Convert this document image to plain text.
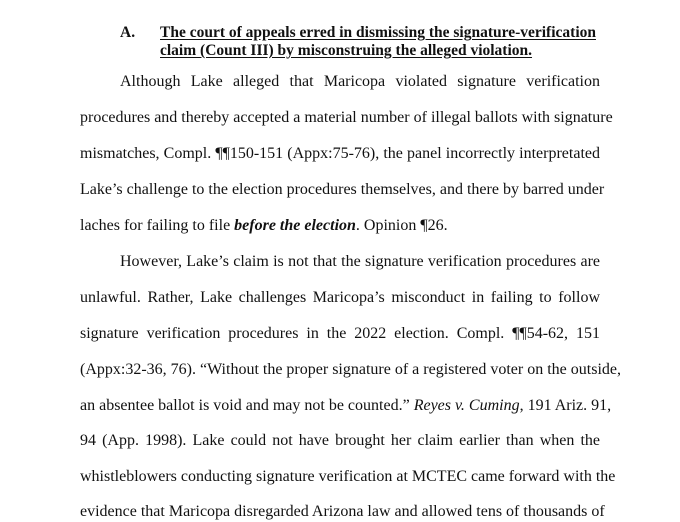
A. The court of appeals erred in dismissing the signature-verification
claim (Count III) by misconstruing the alleged violation.
Although Lake alleged that Maricopa violated signature verification
procedures and thereby accepted a material number of illegal ballots with signature
mismatches, Compl. ¶¶150-151 (Appx:75-76), the panel incorrectly interpretated
Lake’s challenge to the election procedures themselves, and there by barred under
laches for failing to file before the election. Opinion ¶26.
However, Lake’s claim is not that the signature verification procedures are
unlawful. Rather, Lake challenges Maricopa’s misconduct in failing to follow
signature verification procedures in the 2022 election. Compl. ¶¶54-62, 151
(Appx:32-36, 76). “Without the proper signature of a registered voter on the outside,
an absentee ballot is void and may not be counted.” Reyes v. Cuming, 191 Ariz. 91,
94 (App. 1998). Lake could not have brought her claim earlier than when the
whistleblowers conducting signature verification at MCTEC came forward with the
evidence that Maricopa disregarded Arizona law and allowed tens of thousands of
